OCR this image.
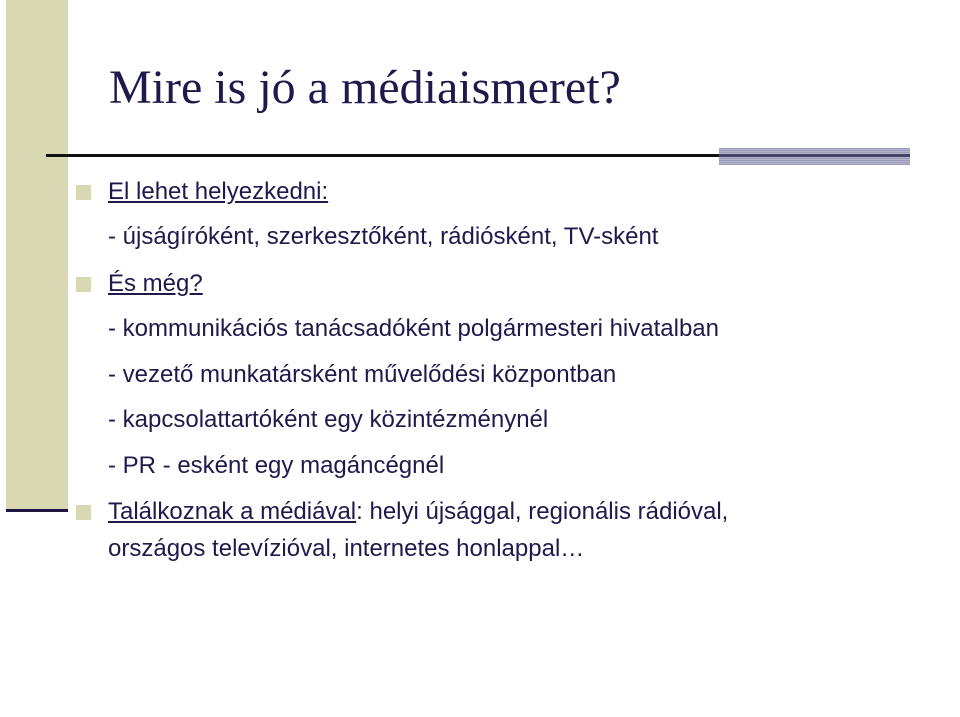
Mire is jó a médiaismeret?
El lehet helyezkedni:
- újságíróként, szerkesztőként, rádiósként, TV-sként
És még?
- kommunikációs tanácsadóként polgármesteri hivatalban
- vezető munkatársként művelődési központban
- kapcsolattartóként egy közintézménynél
- PR - esként egy magáncégnél
Találkoznak a médiával: helyi újsággal, regionális rádióval,
országos televízióval, internetes honlappal…
